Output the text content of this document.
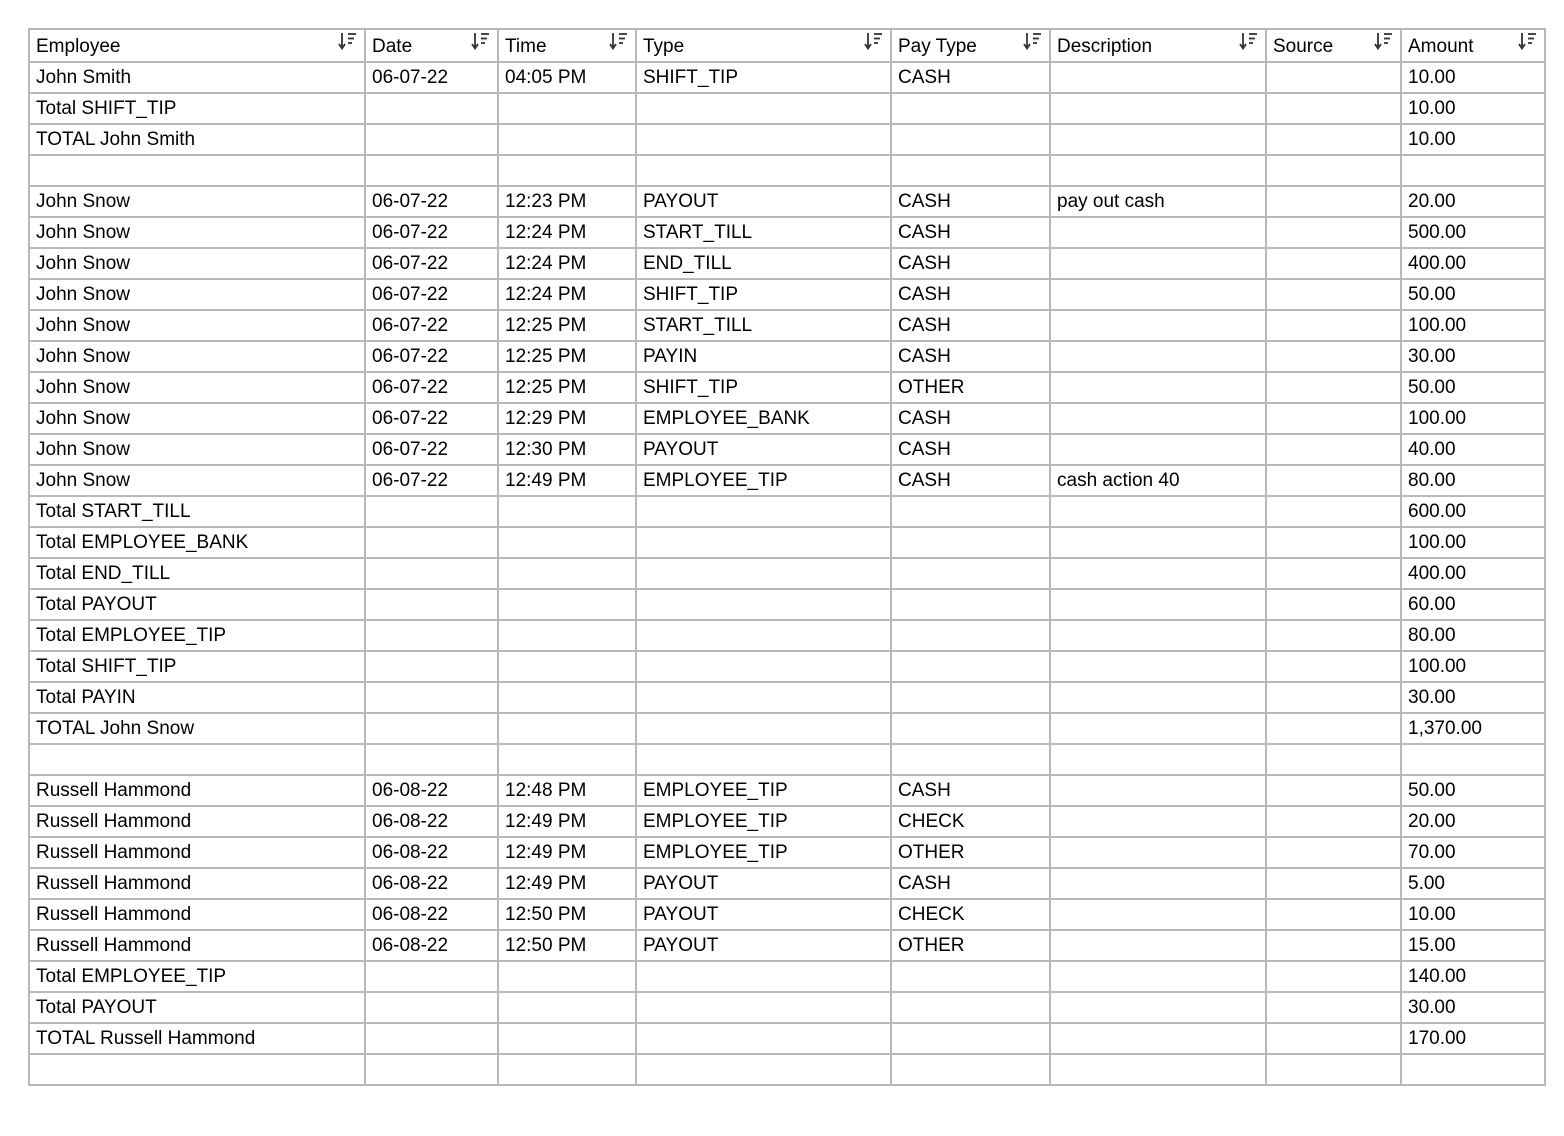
Employee	Date	Time	Type	Pay Type	Description	Source	Amount

John Smith	06-07-22	04:05 PM	SHIFT_TIP	CASH			10.00
Total SHIFT_TIP							10.00
TOTAL John Smith							10.00

John Snow	06-07-22	12:23 PM	PAYOUT	CASH	pay out cash		20.00
John Snow	06-07-22	12:24 PM	START_TILL	CASH			500.00
John Snow	06-07-22	12:24 PM	END_TILL	CASH			400.00
John Snow	06-07-22	12:24 PM	SHIFT_TIP	CASH			50.00
John Snow	06-07-22	12:25 PM	START_TILL	CASH			100.00
John Snow	06-07-22	12:25 PM	PAYIN	CASH			30.00
John Snow	06-07-22	12:25 PM	SHIFT_TIP	OTHER			50.00
John Snow	06-07-22	12:29 PM	EMPLOYEE_BANK	CASH			100.00
John Snow	06-07-22	12:30 PM	PAYOUT	CASH			40.00
John Snow	06-07-22	12:49 PM	EMPLOYEE_TIP	CASH	cash action 40		80.00
Total START_TILL							600.00
Total EMPLOYEE_BANK							100.00
Total END_TILL							400.00
Total PAYOUT							60.00
Total EMPLOYEE_TIP							80.00
Total SHIFT_TIP							100.00
Total PAYIN							30.00
TOTAL John Snow							1,370.00

Russell Hammond	06-08-22	12:48 PM	EMPLOYEE_TIP	CASH			50.00
Russell Hammond	06-08-22	12:49 PM	EMPLOYEE_TIP	CHECK			20.00
Russell Hammond	06-08-22	12:49 PM	EMPLOYEE_TIP	OTHER			70.00
Russell Hammond	06-08-22	12:49 PM	PAYOUT	CASH			5.00
Russell Hammond	06-08-22	12:50 PM	PAYOUT	CHECK			10.00
Russell Hammond	06-08-22	12:50 PM	PAYOUT	OTHER			15.00
Total EMPLOYEE_TIP							140.00
Total PAYOUT							30.00
TOTAL Russell Hammond							170.00
